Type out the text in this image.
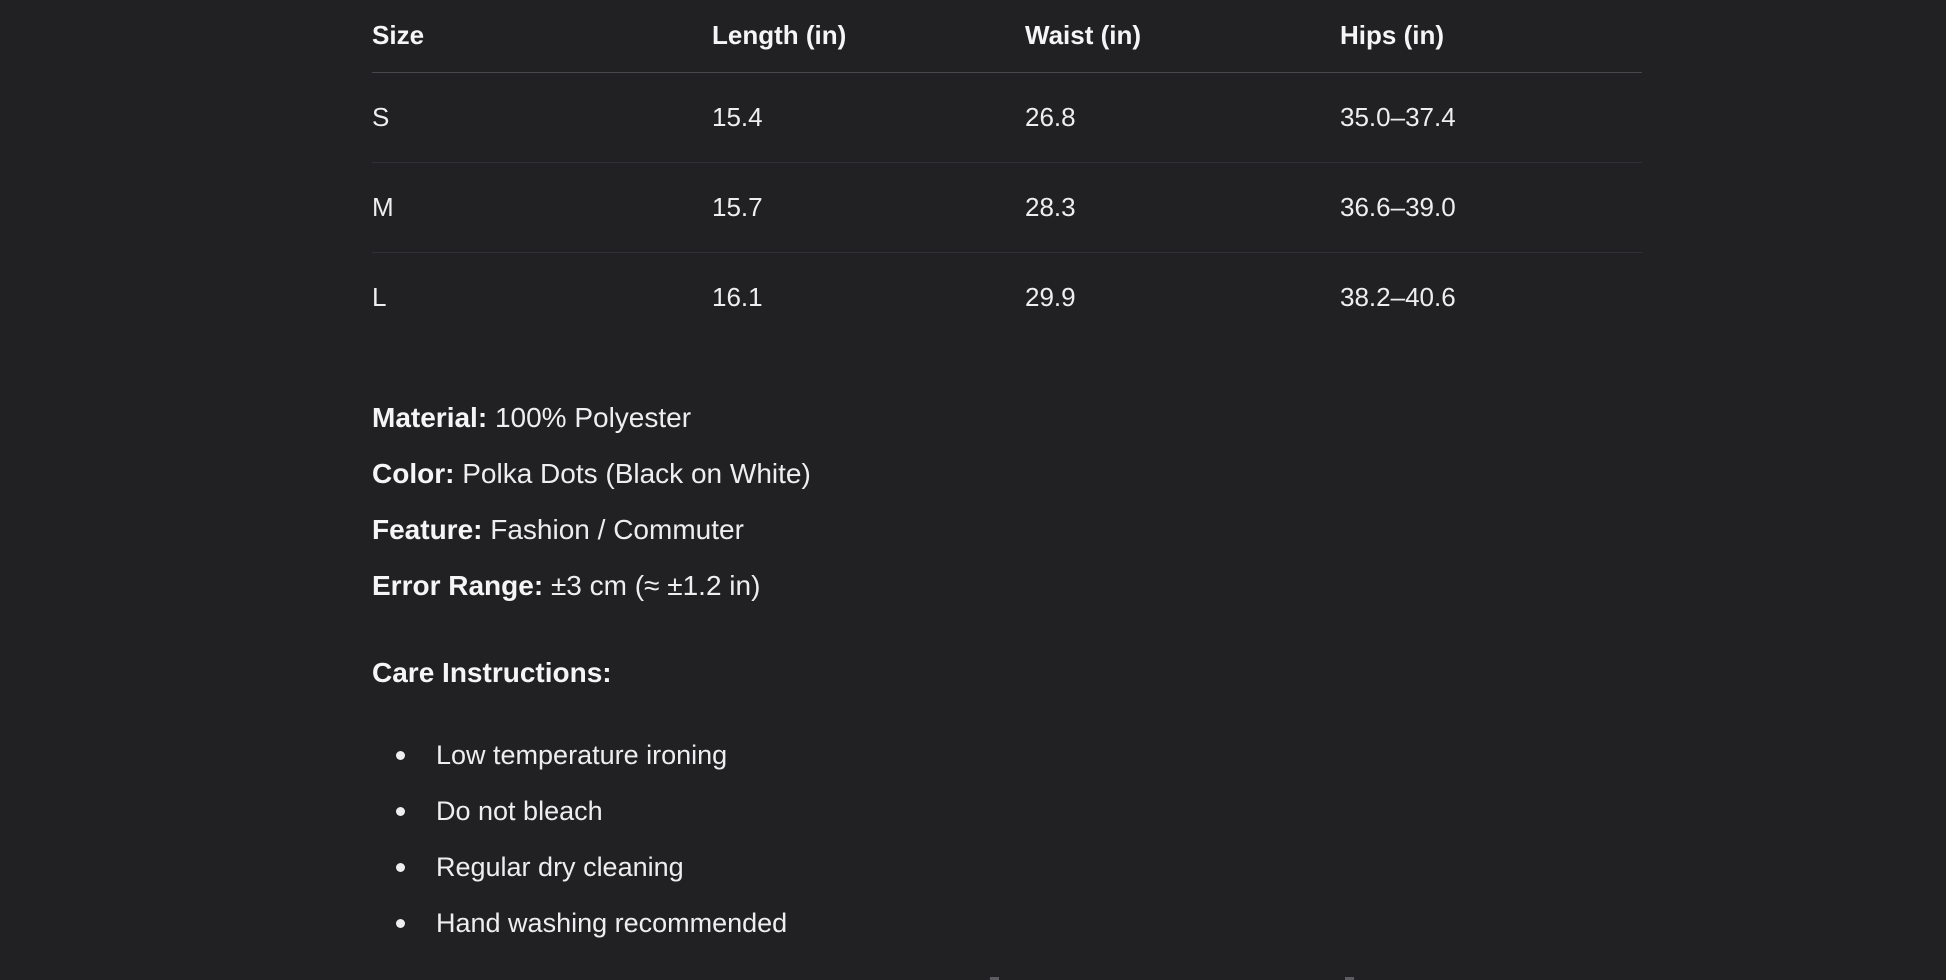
Size	Length (in)	Waist (in)	Hips (in)
S	15.4	26.8	35.0–37.4
M	15.7	28.3	36.6–39.0
L	16.1	29.9	38.2–40.6
Material: 100% Polyester
Color: Polka Dots (Black on White)
Feature: Fashion / Commuter
Error Range: ±3 cm (≈ ±1.2 in)
Care Instructions:
Low temperature ironing
Do not bleach
Regular dry cleaning
Hand washing recommended
